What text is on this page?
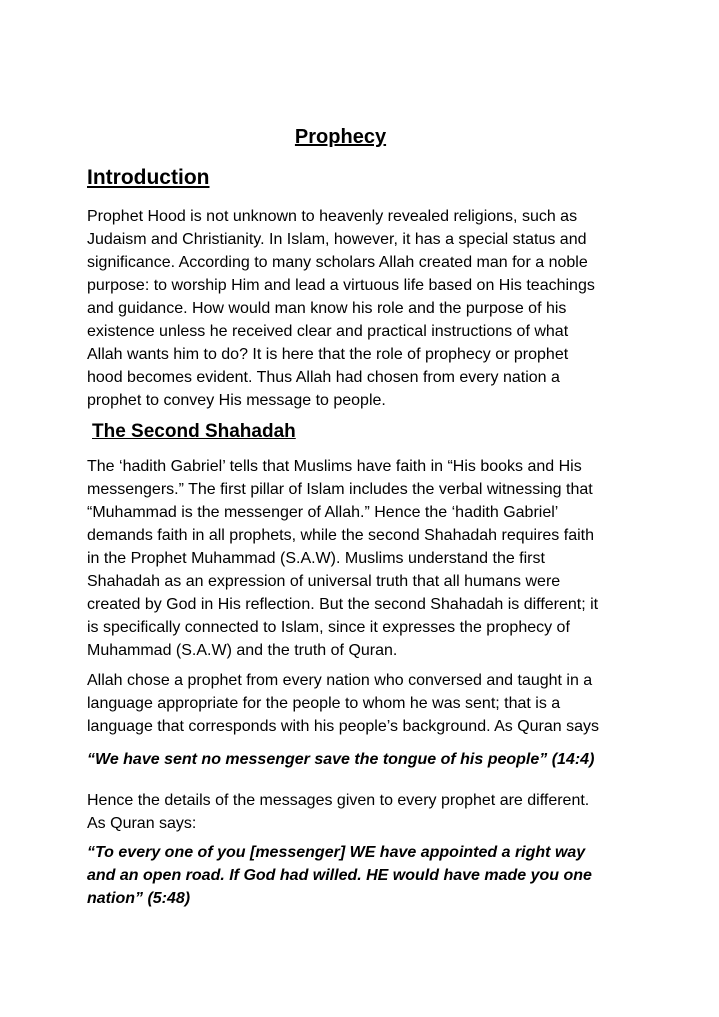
Prophecy
Introduction

Prophet Hood is not unknown to heavenly revealed religions, such as
Judaism and Christianity. In Islam, however, it has a special status and
significance. According to many scholars Allah created man for a noble
purpose: to worship Him and lead a virtuous life based on His teachings
and guidance. How would man know his role and the purpose of his
existence unless he received clear and practical instructions of what
Allah wants him to do? It is here that the role of prophecy or prophet
hood becomes evident. Thus Allah had chosen from every nation a
prophet to convey His message to people.

The Second Shahadah

The ‘hadith Gabriel’ tells that Muslims have faith in “His books and His
messengers.” The first pillar of Islam includes the verbal witnessing that
“Muhammad is the messenger of Allah.” Hence the ‘hadith Gabriel’
demands faith in all prophets, while the second Shahadah requires faith
in the Prophet Muhammad (S.A.W). Muslims understand the first
Shahadah as an expression of universal truth that all humans were
created by God in His reflection. But the second Shahadah is different; it
is specifically connected to Islam, since it expresses the prophecy of
Muhammad (S.A.W) and the truth of Quran.

Allah chose a prophet from every nation who conversed and taught in a
language appropriate for the people to whom he was sent; that is a
language that corresponds with his people’s background. As Quran says

“We have sent no messenger save the tongue of his people” (14:4)

Hence the details of the messages given to every prophet are different.
As Quran says:

“To every one of you [messenger] WE have appointed a right way
and an open road. If God had willed. HE would have made you one
nation” (5:48)
